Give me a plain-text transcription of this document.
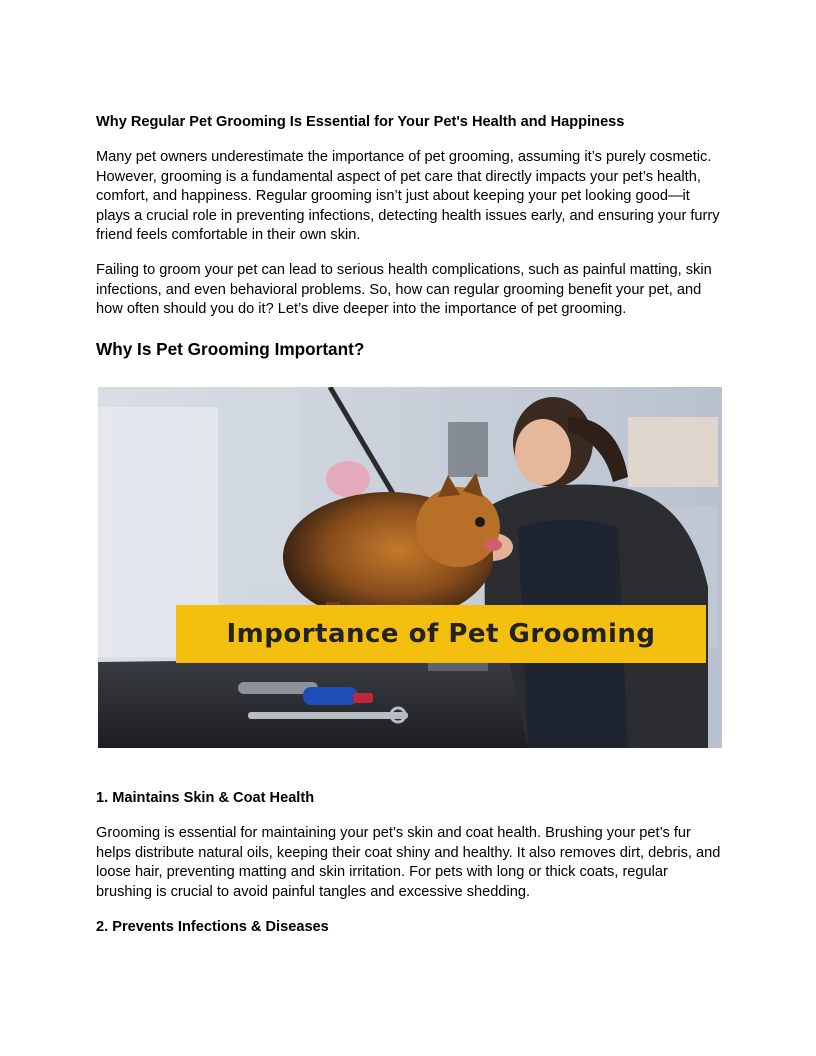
Why Regular Pet Grooming Is Essential for Your Pet's Health and Happiness

Many pet owners underestimate the importance of pet grooming, assuming it’s purely cosmetic. However, grooming is a fundamental aspect of pet care that directly impacts your pet’s health, comfort, and happiness. Regular grooming isn’t just about keeping your pet looking good—it plays a crucial role in preventing infections, detecting health issues early, and ensuring your furry friend feels comfortable in their own skin.

Failing to groom your pet can lead to serious health complications, such as painful matting, skin infections, and even behavioral problems. So, how can regular grooming benefit your pet, and how often should you do it? Let’s dive deeper into the importance of pet grooming.

Why Is Pet Grooming Important?
1. Maintains Skin & Coat Health

Grooming is essential for maintaining your pet’s skin and coat health. Brushing your pet’s fur helps distribute natural oils, keeping their coat shiny and healthy. It also removes dirt, debris, and loose hair, preventing matting and skin irritation. For pets with long or thick coats, regular brushing is crucial to avoid painful tangles and excessive shedding.

2. Prevents Infections & Diseases
Importance of Pet Grooming
